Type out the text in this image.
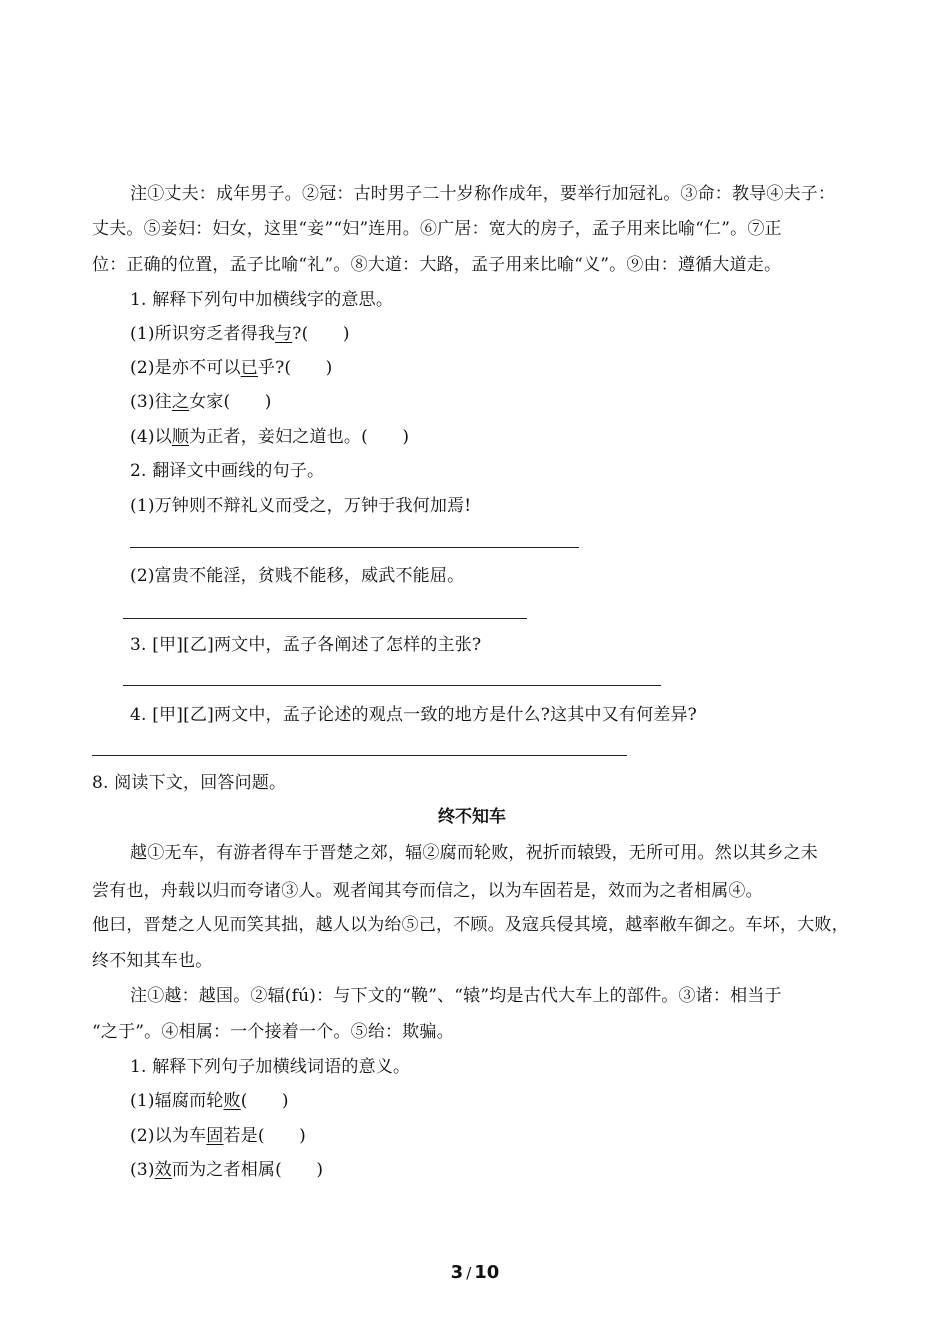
注①丈夫：成年男子。②冠：古时男子二十岁称作成年，要举行加冠礼。③命：教导④夫子：
丈夫。⑤妾妇：妇女，这里“妾”“妇”连用。⑥广居：宽大的房子，孟子用来比喻“仁”。⑦正
位：正确的位置，孟子比喻“礼”。⑧大道：大路，孟子用来比喻“义”。⑨由：遵循大道走。
1. 解释下列句中加横线字的意思。
(1)所识穷乏者得我与?(　　)
(2)是亦不可以已乎?(　　)
(3)往之女家(　　)
(4)以顺为正者，妾妇之道也。(　　)
2. 翻译文中画线的句子。
(1)万钟则不辩礼义而受之，万钟于我何加焉!
(2)富贵不能淫，贫贱不能移，威武不能屈。
3. [甲][乙]两文中，孟子各阐述了怎样的主张?
4. [甲][乙]两文中，孟子论述的观点一致的地方是什么?这其中又有何差异?
8. 阅读下文，回答问题。
终不知车
越①无车，有游者得车于晋楚之郊，辐②腐而轮败，祝折而辕毁，无所可用。然以其乡之未
尝有也，舟载以归而夸诸③人。观者闻其夸而信之，以为车固若是，效而为之者相属④。
他曰，晋楚之人见而笑其拙，越人以为绐⑤己，不顾。及寇兵侵其境，越率敝车御之。车坏，大败，
终不知其车也。
注①越：越国。②辐(fú)：与下文的“鞔”、“辕”均是古代大车上的部件。③诸：相当于
“之于”。④相属：一个接着一个。⑤绐：欺骗。
1. 解释下列句子加横线词语的意义。
(1)辐腐而轮败(　　)
(2)以为车固若是(　　)
(3)效而为之者相属(　　)
3 / 10
